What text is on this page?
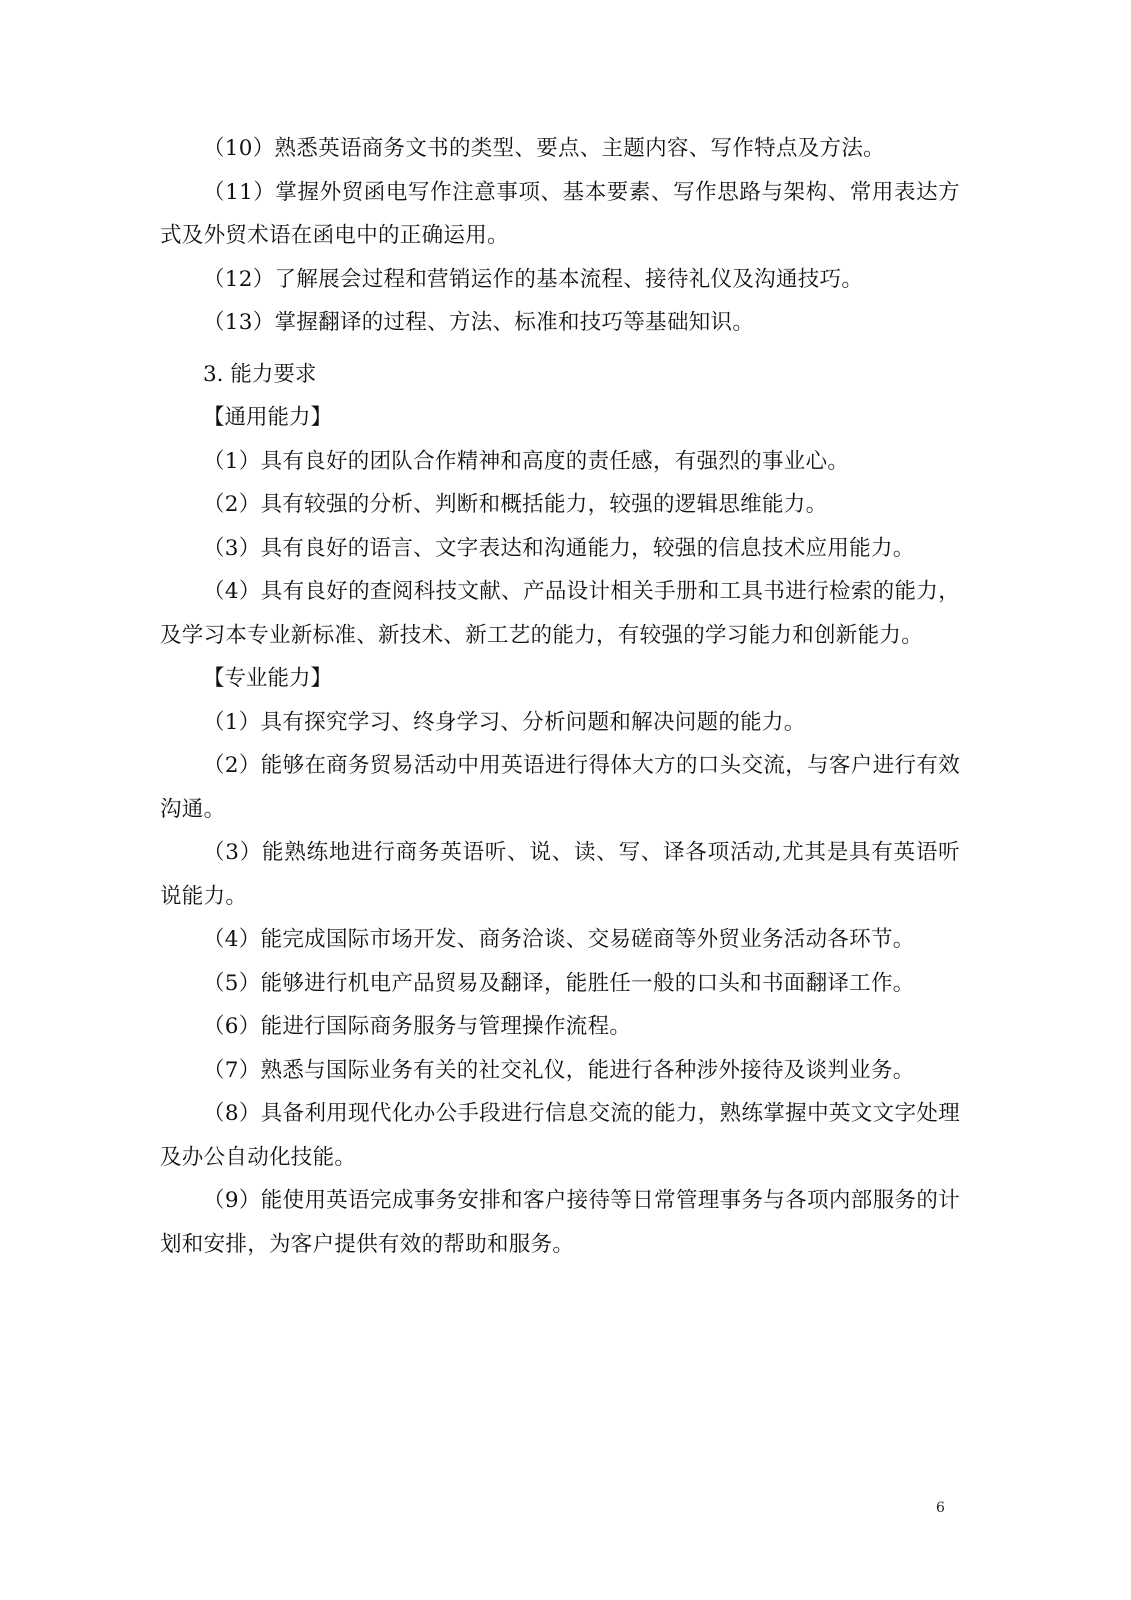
（10）熟悉英语商务文书的类型、要点、主题内容、写作特点及方法。

（11）掌握外贸函电写作注意事项、基本要素、写作思路与架构、常用表达方式及外贸术语在函电中的正确运用。

（12）了解展会过程和营销运作的基本流程、接待礼仪及沟通技巧。

（13）掌握翻译的过程、方法、标准和技巧等基础知识。

3. 能力要求

【通用能力】

（1）具有良好的团队合作精神和高度的责任感，有强烈的事业心。

（2）具有较强的分析、判断和概括能力，较强的逻辑思维能力。

（3）具有良好的语言、文字表达和沟通能力，较强的信息技术应用能力。

（4）具有良好的查阅科技文献、产品设计相关手册和工具书进行检索的能力，及学习本专业新标准、新技术、新工艺的能力，有较强的学习能力和创新能力。

【专业能力】

（1）具有探究学习、终身学习、分析问题和解决问题的能力。

（2）能够在商务贸易活动中用英语进行得体大方的口头交流，与客户进行有效沟通。

（3）能熟练地进行商务英语听、说、读、写、译各项活动,尤其是具有英语听说能力。

（4）能完成国际市场开发、商务洽谈、交易磋商等外贸业务活动各环节。

（5）能够进行机电产品贸易及翻译，能胜任一般的口头和书面翻译工作。

（6）能进行国际商务服务与管理操作流程。

（7）熟悉与国际业务有关的社交礼仪，能进行各种涉外接待及谈判业务。

（8）具备利用现代化办公手段进行信息交流的能力，熟练掌握中英文文字处理及办公自动化技能。

（9）能使用英语完成事务安排和客户接待等日常管理事务与各项内部服务的计划和安排，为客户提供有效的帮助和服务。

6
